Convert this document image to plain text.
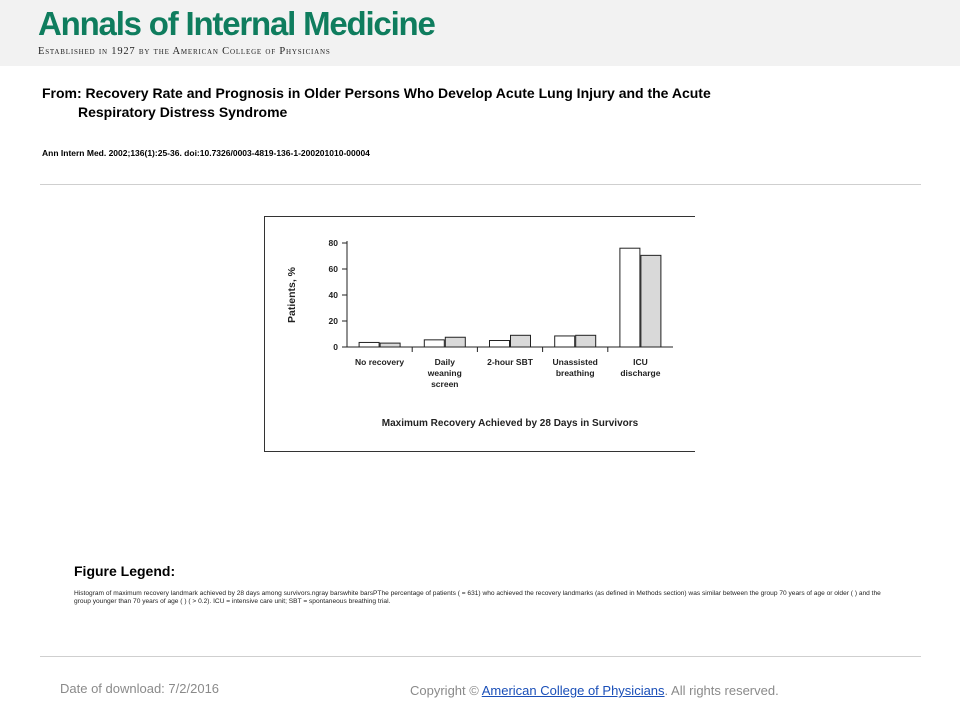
Annals of Internal Medicine
Established in 1927 by the American College of Physicians
From: Recovery Rate and Prognosis in Older Persons Who Develop Acute Lung Injury and the Acute
Respiratory Distress Syndrome
Ann Intern Med. 2002;136(1):25-36. doi:10.7326/0003-4819-136-1-200201010-00004
0
20
40
60
80
No recovery	Daily weaning screen
2-hour SBT Unassisted breathing
ICU discharge
Patients, %
Maximum Recovery Achieved by 28 Days in Survivors
Figure Legend:
Histogram of maximum recovery landmark achieved by 28 days among survivors.ngray barswhite barsPThe percentage of patients ( = 631) who achieved the recovery landmarks (as defined in Methods section) was similar between the group 70 years of age or older ( ) and the group younger than 70 years of age ( ) ( > 0.2). ICU = intensive care unit; SBT = spontaneous breathing trial.
Date of download: 7/2/2016	Copyright © American College of Physicians. All rights reserved.
